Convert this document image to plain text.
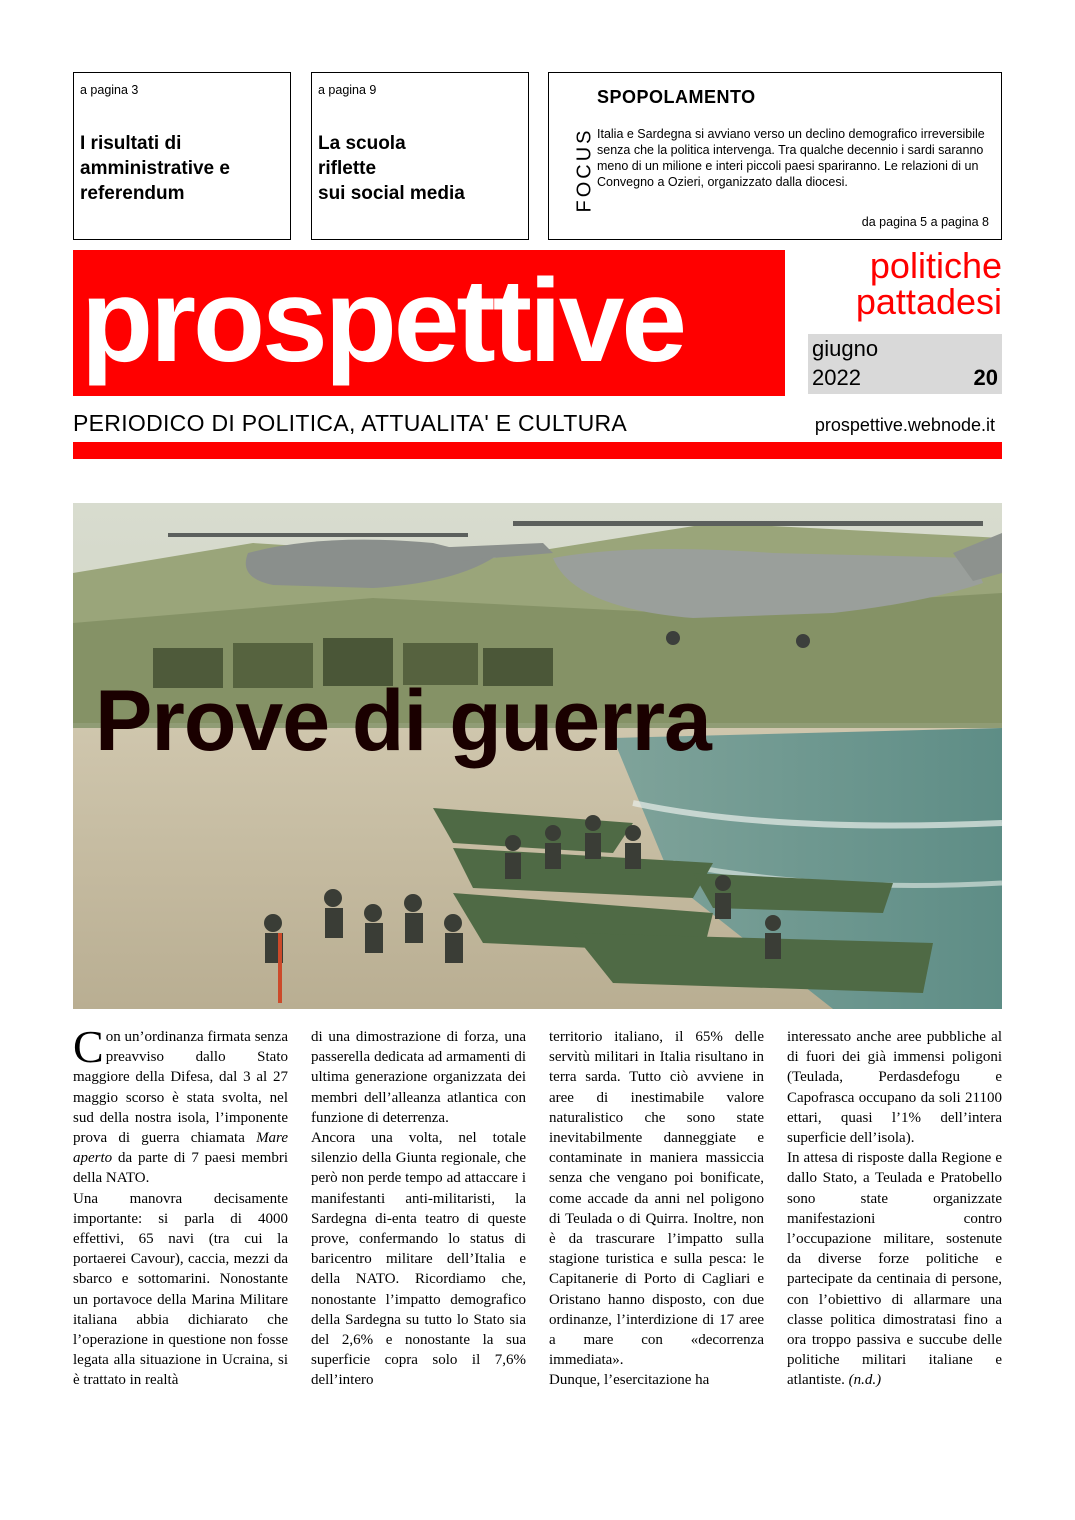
a pagina 3
I risultati di
amministrative e
referendum
a pagina 9
La scuola
riflette
sui social media
SPOPOLAMENTO
FOCUS Italia e Sardegna si avviano verso un declino demografico irreversibile senza che la politica intervenga. Tra qualche decennio i sardi saranno meno di un milione e interi piccoli paesi spariranno. Le relazioni di un Convegno a Ozieri, organizzato dalla diocesi.
da pagina 5 a pagina 8
prospettive	politiche
pattadesi
giugno
2022	20
PERIODICO DI POLITICA, ATTUALITA' E CULTURA	prospettive.webnode.it
Prove di guerra

Con un’ordinanza firmata senza preavviso dallo Stato maggiore della Difesa, dal 3 al 27 maggio scorso è stata svolta, nel sud della nostra isola, l’imponente prova di guerra chiamata Mare aperto da parte di 7 paesi membri della NATO.

Una manovra decisamente importante: si parla di 4000 effettivi, 65 navi (tra cui la portaerei Cavour), caccia, mezzi da sbarco e sottomarini. Nonostante un portavoce della Marina Militare italiana abbia dichiarato che l’operazione in questione non fosse legata alla situazione in Ucraina, si è trattato in realtà

di una dimostrazione di forza, una passerella dedicata ad armamenti di ultima generazione organizzata dei membri dell’alleanza atlantica con funzione di deterrenza.

Ancora una volta, nel totale silenzio della Giunta regionale, che però non perde tempo ad attaccare i manifestanti anti-militaristi, la Sardegna di-enta teatro di queste prove, confermando lo status di baricentro militare dell’Italia e della NATO. Ricordiamo che, nonostante l’impatto demografico della Sardegna su tutto lo Stato sia del 2,6% e nonostante la sua superficie copra solo il 7,6% dell’intero

territorio italiano, il 65% delle servitù militari in Italia risultano in terra sarda. Tutto ciò avviene in aree di inestimabile valore naturalistico che sono state inevitabilmente danneggiate e contaminate in maniera massiccia senza che vengano poi bonificate, come accade da anni nel poligono di Teulada o di Quirra. Inoltre, non è da trascurare l’impatto sulla stagione turistica e sulla pesca: le Capitanerie di Porto di Cagliari e Oristano hanno disposto, con due ordinanze, l’interdizione di 17 aree a mare con «decorrenza immediata».

Dunque, l’esercitazione ha

interessato anche aree pubbliche al di fuori dei già immensi poligoni (Teulada, Perdasdefogu e Capofrasca occupano da soli 21100 ettari, quasi l’1% dell’intera superficie dell’isola).

In attesa di risposte dalla Regione e dallo Stato, a Teulada e Pratobello sono state organizzate manifestazioni contro l’occupazione militare, sostenute da diverse forze politiche e partecipate da centinaia di persone, con l’obiettivo di allarmare una classe politica dimostratasi fino a ora troppo passiva e succube delle politiche militari italiane e atlantiste. (n.d.)
